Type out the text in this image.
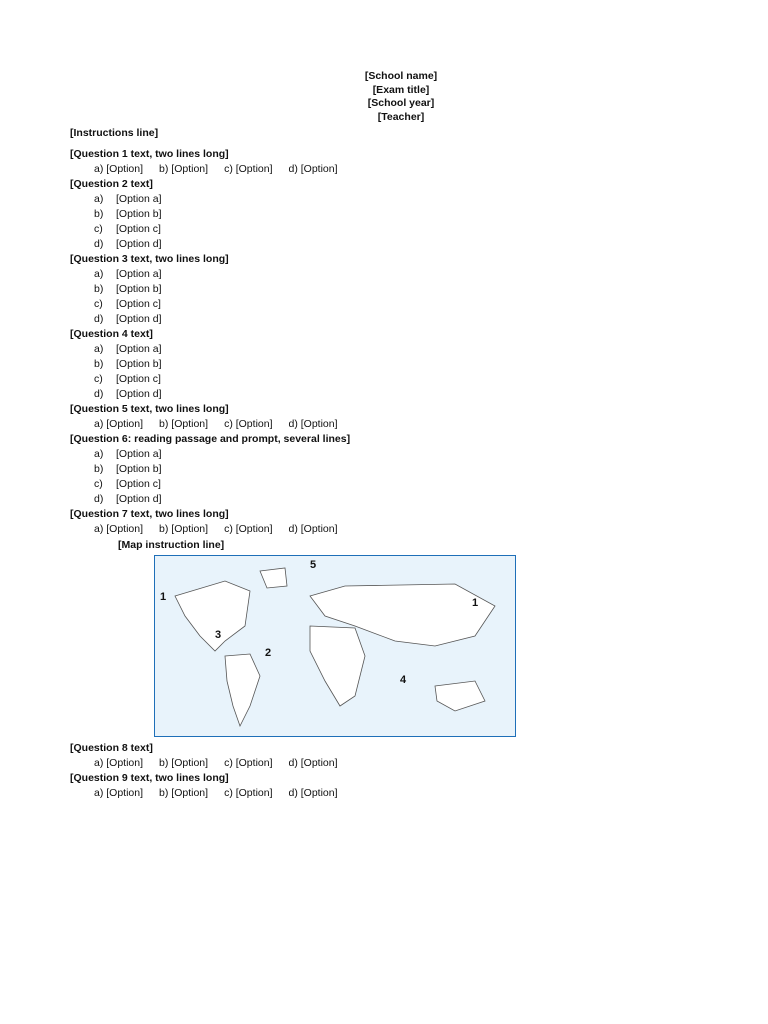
[School name]
[Exam title]
[School year]
[Teacher]
[Instructions line]
[Question 1 text, two lines long]
a) [Option] b) [Option] c) [Option] d) [Option]
[Question 2 text]
a)	[Option a]
b)	[Option b]
c)	[Option c]
d)	[Option d]
[Question 3 text, two lines long]
a)	[Option a]
b)	[Option b]
c)	[Option c]
d)	[Option d]
[Question 4 text]
a)	[Option a]
b)	[Option b]
c)	[Option c]
d)	[Option d]
[Question 5 text, two lines long]
a) [Option] b) [Option] c) [Option] d) [Option]
[Question 6: reading passage and prompt, several lines]
a)	[Option a]
b)	[Option b]
c)	[Option c]
d)	[Option d]
[Question 7 text, two lines long]
a) [Option] b) [Option] c) [Option] d) [Option]
[Map instruction line]
1	1
2
3
4
5
[Question 8 text]
a) [Option] b) [Option] c) [Option] d) [Option]
[Question 9 text, two lines long]
a) [Option] b) [Option] c) [Option] d) [Option]
